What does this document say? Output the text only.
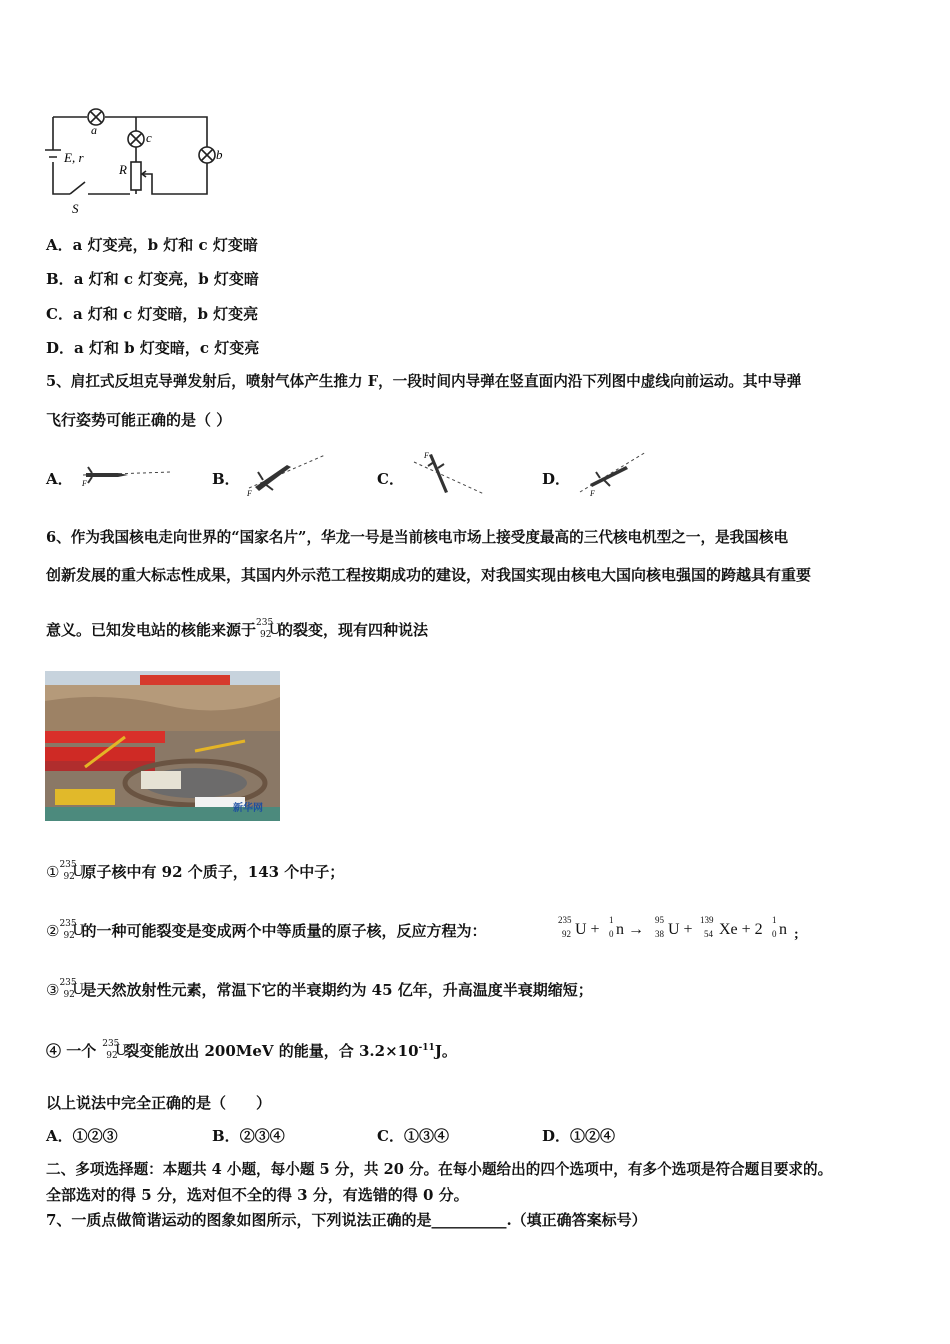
a	c
b
E, r
R
S
A．a 灯变亮，b 灯和 c 灯变暗
B．a 灯和 c 灯变亮，b 灯变暗
C．a 灯和 c 灯变暗，b 灯变亮
D．a 灯和 b 灯变暗，c 灯变亮
5、肩扛式反坦克导弹发射后，喷射气体产生推力 F，一段时间内导弹在竖直面内沿下列图中虚线向前运动。其中导弹
飞行姿势可能正确的是（ ）
A． F	B．
F
C．
F
D．
F
6、作为我国核电走向世界的“国家名片”，华龙一号是当前核电市场上接受度最高的三代核电机型之一，是我国核电
创新发展的重大标志性成果，其国内外示范工程按期成功的建设，对我国实现由核电大国向核电强国的跨越具有重要
意义。已知发电站的核能来源于 235
92
U
的裂变，现有四种说法
新华网
① 235
92
U
原子核中有 92 个质子，143 个中子；
② 235
92
U
的一种可能裂变是变成两个中等质量的原子核，反应方程为：
235
92 U +
1
0 n →
95
38 U +
139
54 Xe + 2
1
0 n ;
③ 235
92
U
是天然放射性元素，常温下它的半衰期约为 45 亿年，升高温度半衰期缩短；
④ 一个 235
92
U
裂变能放出 200MeV 的能量，合 $3.2\times 10^{-11}J$。
以上说法中完全正确的是（　　）
A．①②③	B．②③④	C．①③④	D．①②④
二、多项选择题：本题共 4 小题，每小题 5 分，共 20 分。在每小题给出的四个选项中，有多个选项是符合题目要求的。
全部选对的得 5 分，选对但不全的得 3 分，有选错的得 0 分。
7、一质点做简谐运动的图象如图所示，下列说法正确的是__________.（填正确答案标号）
